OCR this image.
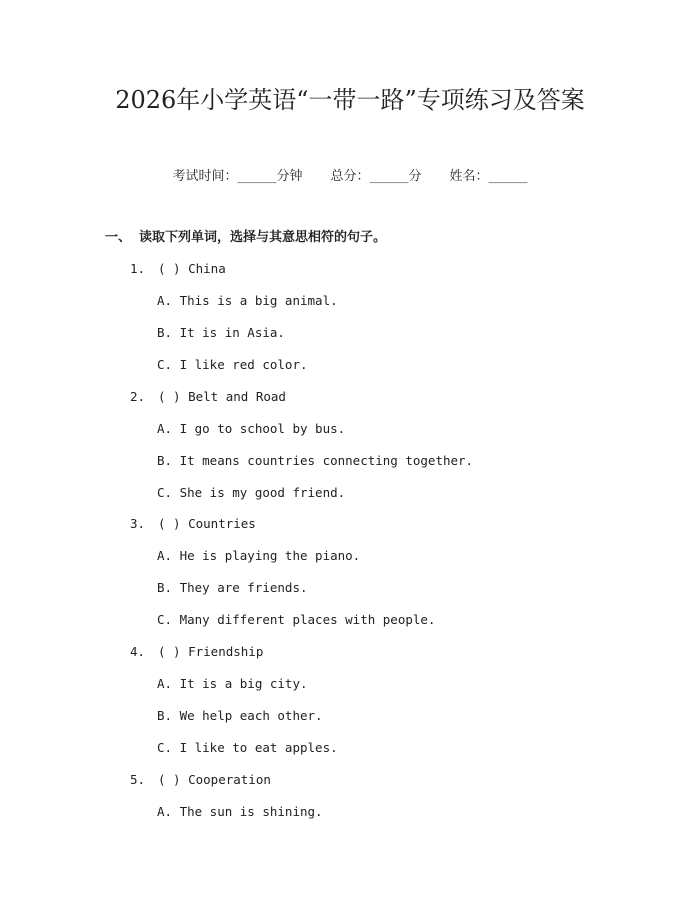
2026年小学英语“一带一路”专项练习及答案
考试时间：______分钟 总分：______分 姓名：______
一、 读取下列单词，选择与其意思相符的句子。
1. ( ) China
A. This is a big animal.
B. It is in Asia.
C. I like red color.
2. ( ) Belt and Road
A. I go to school by bus.
B. It means countries connecting together.
C. She is my good friend.
3. ( ) Countries
A. He is playing the piano.
B. They are friends.
C. Many different places with people.
4. ( ) Friendship
A. It is a big city.
B. We help each other.
C. I like to eat apples.
5. ( ) Cooperation
A. The sun is shining.
